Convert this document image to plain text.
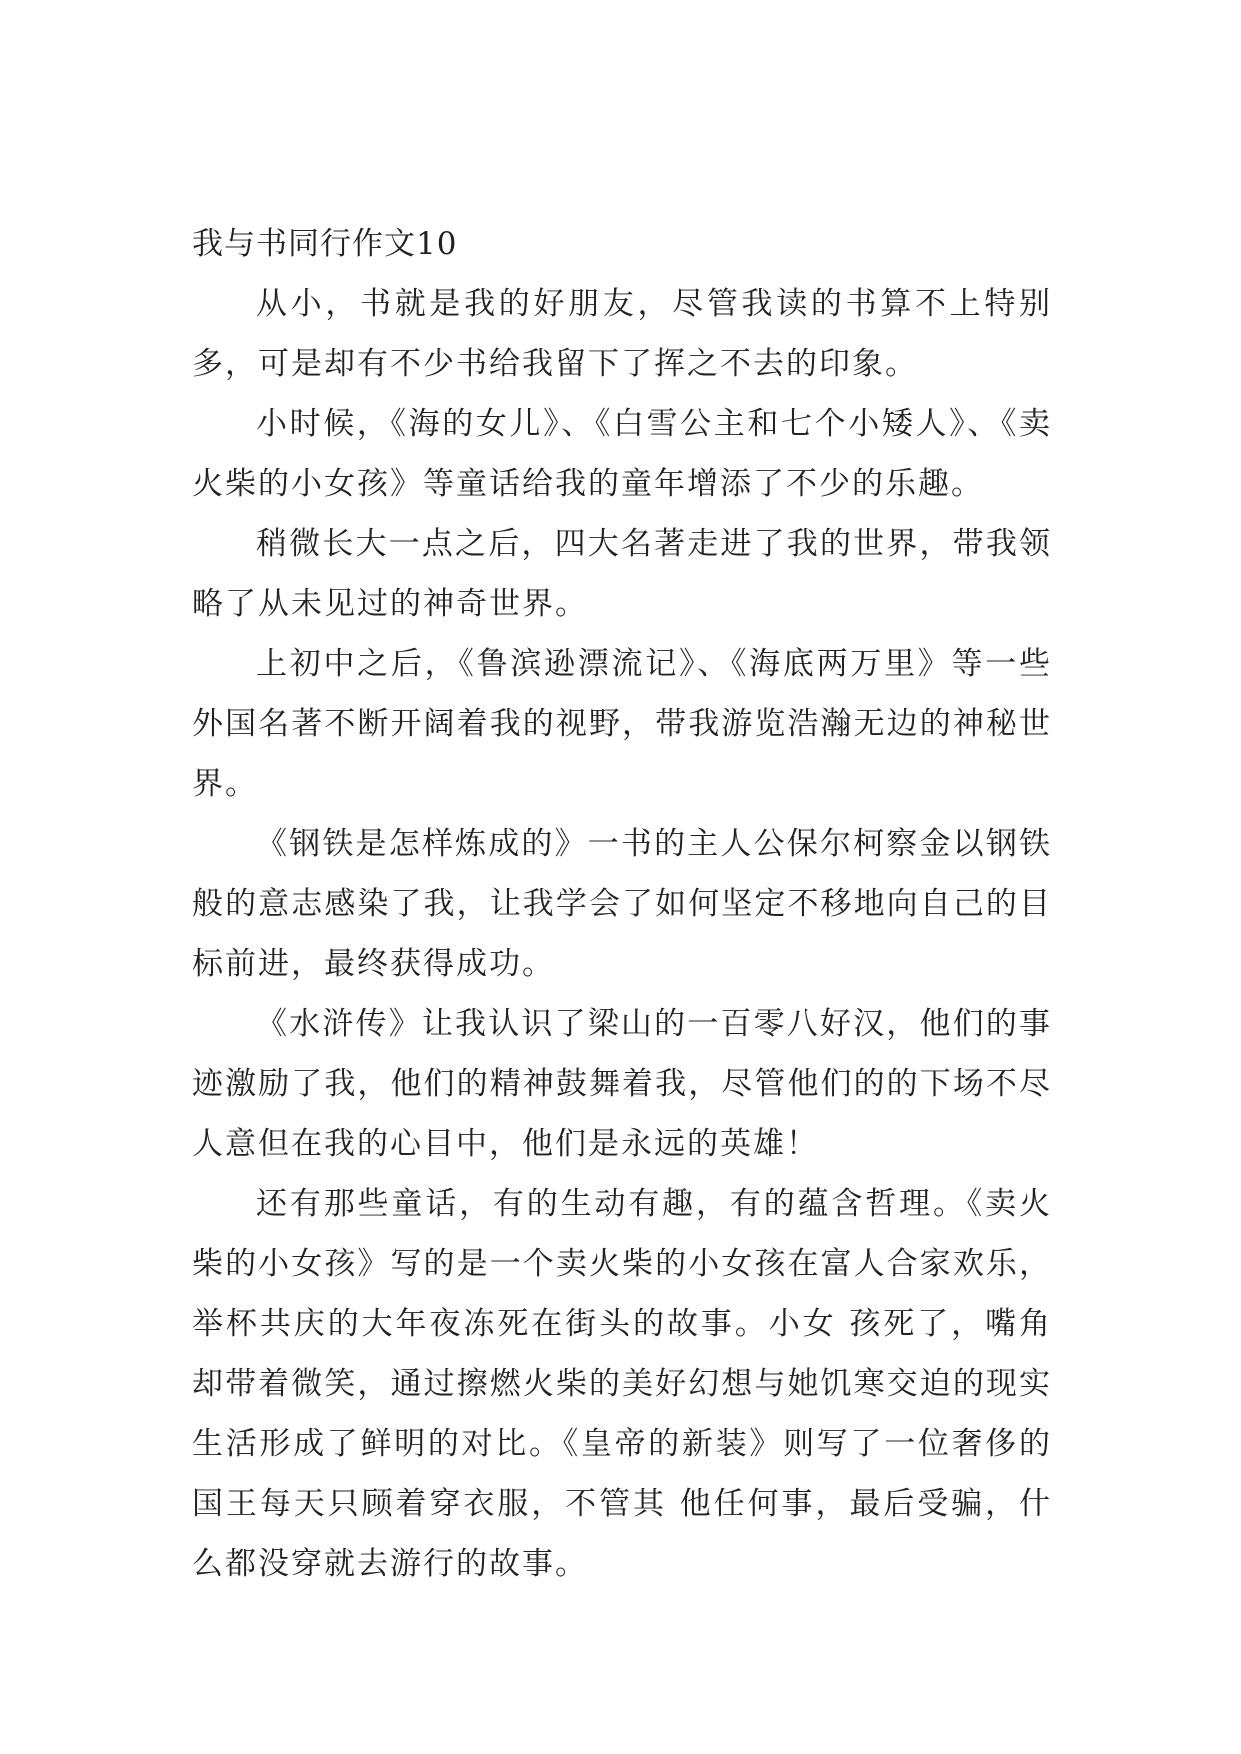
我与书同行作文10

从小，书就是我的好朋友，尽管我读的书算不上特别多，可是却有不少书给我留下了挥之不去的印象。

小时候，《海的女儿》、《白雪公主和七个小矮人》、《卖火柴的小女孩》等童话给我的童年增添了不少的乐趣。

稍微长大一点之后，四大名著走进了我的世界，带我领略了从未见过的神奇世界。

上初中之后，《鲁滨逊漂流记》、《海底两万里》等一些外国名著不断开阔着我的视野，带我游览浩瀚无边的神秘世界。

《钢铁是怎样炼成的》一书的主人公保尔柯察金以钢铁般的意志感染了我，让我学会了如何坚定不移地向自己的目标前进，最终获得成功。

《水浒传》让我认识了梁山的一百零八好汉，他们的事迹激励了我，他们的精神鼓舞着我，尽管他们的的下场不尽人意但在我的心目中，他们是永远的英雄！

还有那些童话，有的生动有趣，有的蕴含哲理。《卖火柴的小女孩》写的是一个卖火柴的小女孩在富人合家欢乐，举杯共庆的大年夜冻死在街头的故事。小女 孩死了，嘴角却带着微笑，通过擦燃火柴的美好幻想与她饥寒交迫的现实生活形成了鲜明的对比。《皇帝的新装》则写了一位奢侈的国王每天只顾着穿衣服，不管其 他任何事，最后受骗，什么都没穿就去游行的故事。
